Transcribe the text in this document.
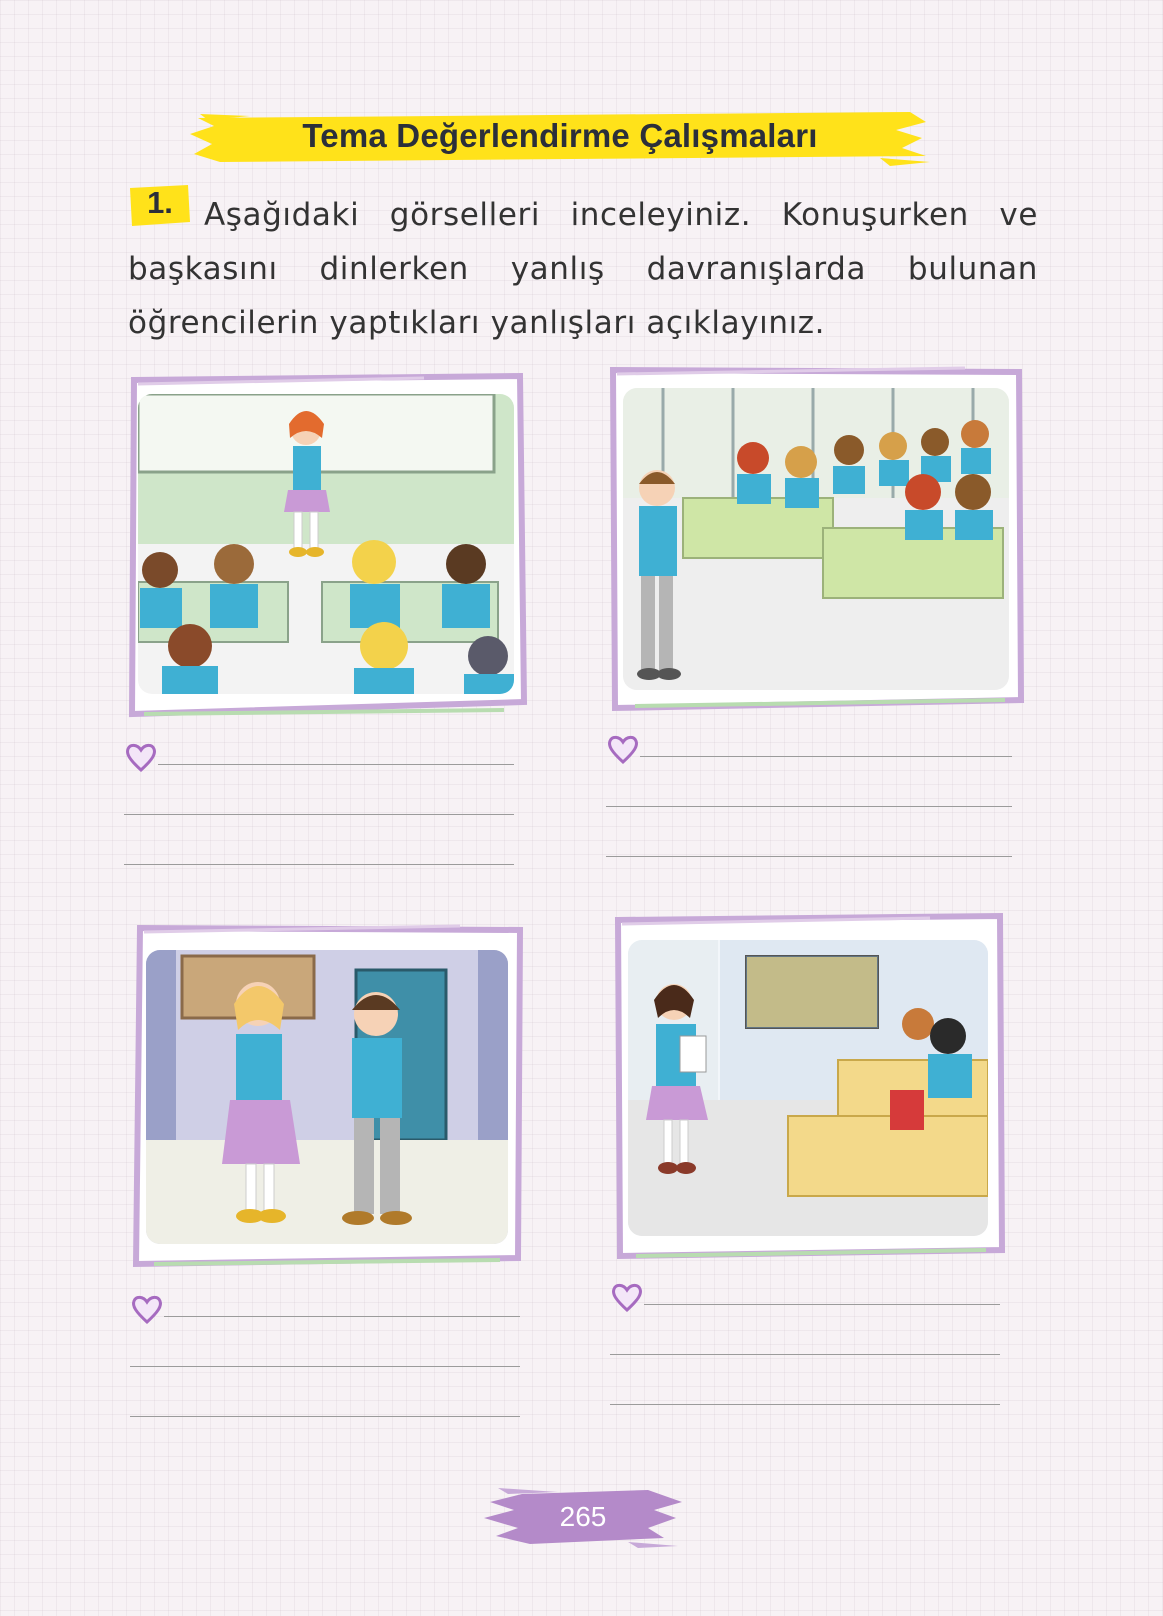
Tema Değerlendirme Çalışmaları
1.	Aşağıdaki görselleri inceleyiniz. Konuşurken ve başkasını dinlerken yanlış davranışlarda bulunan öğrencilerin yaptıkları yanlışları açıklayınız.

265
